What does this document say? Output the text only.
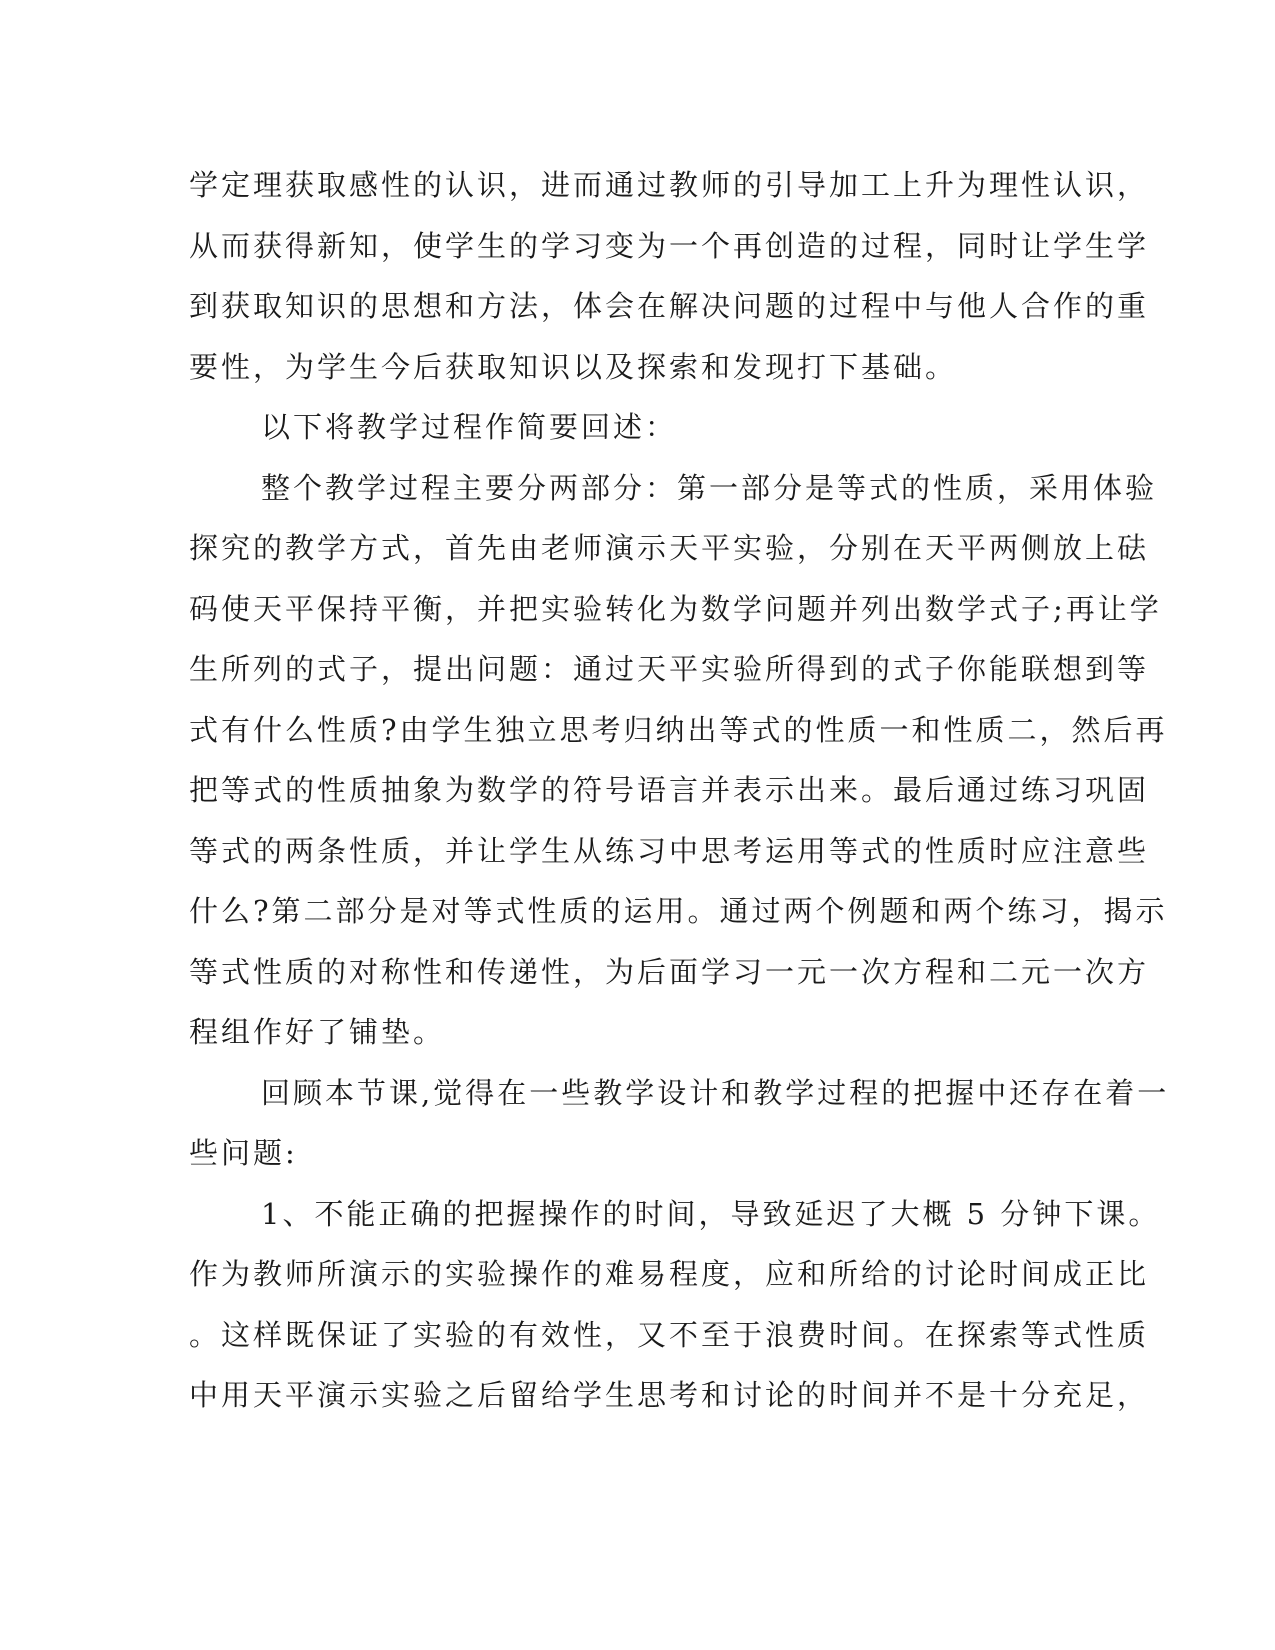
学定理获取感性的认识，进而通过教师的引导加工上升为理性认识，
从而获得新知，使学生的学习变为一个再创造的过程，同时让学生学
到获取知识的思想和方法，体会在解决问题的过程中与他人合作的重
要性，为学生今后获取知识以及探索和发现打下基础。
以下将教学过程作简要回述：
整个教学过程主要分两部分：第一部分是等式的性质，采用体验
探究的教学方式，首先由老师演示天平实验，分别在天平两侧放上砝
码使天平保持平衡，并把实验转化为数学问题并列出数学式子;再让学
生所列的式子，提出问题：通过天平实验所得到的式子你能联想到等
式有什么性质?由学生独立思考归纳出等式的性质一和性质二，然后再
把等式的性质抽象为数学的符号语言并表示出来。最后通过练习巩固
等式的两条性质，并让学生从练习中思考运用等式的性质时应注意些
什么?第二部分是对等式性质的运用。通过两个例题和两个练习，揭示
等式性质的对称性和传递性，为后面学习一元一次方程和二元一次方
程组作好了铺垫。
回顾本节课,觉得在一些教学设计和教学过程的把握中还存在着一
些问题:
1、不能正确的把握操作的时间，导致延迟了大概 5 分钟下课。
作为教师所演示的实验操作的难易程度，应和所给的讨论时间成正比
。这样既保证了实验的有效性，又不至于浪费时间。在探索等式性质
中用天平演示实验之后留给学生思考和讨论的时间并不是十分充足，
